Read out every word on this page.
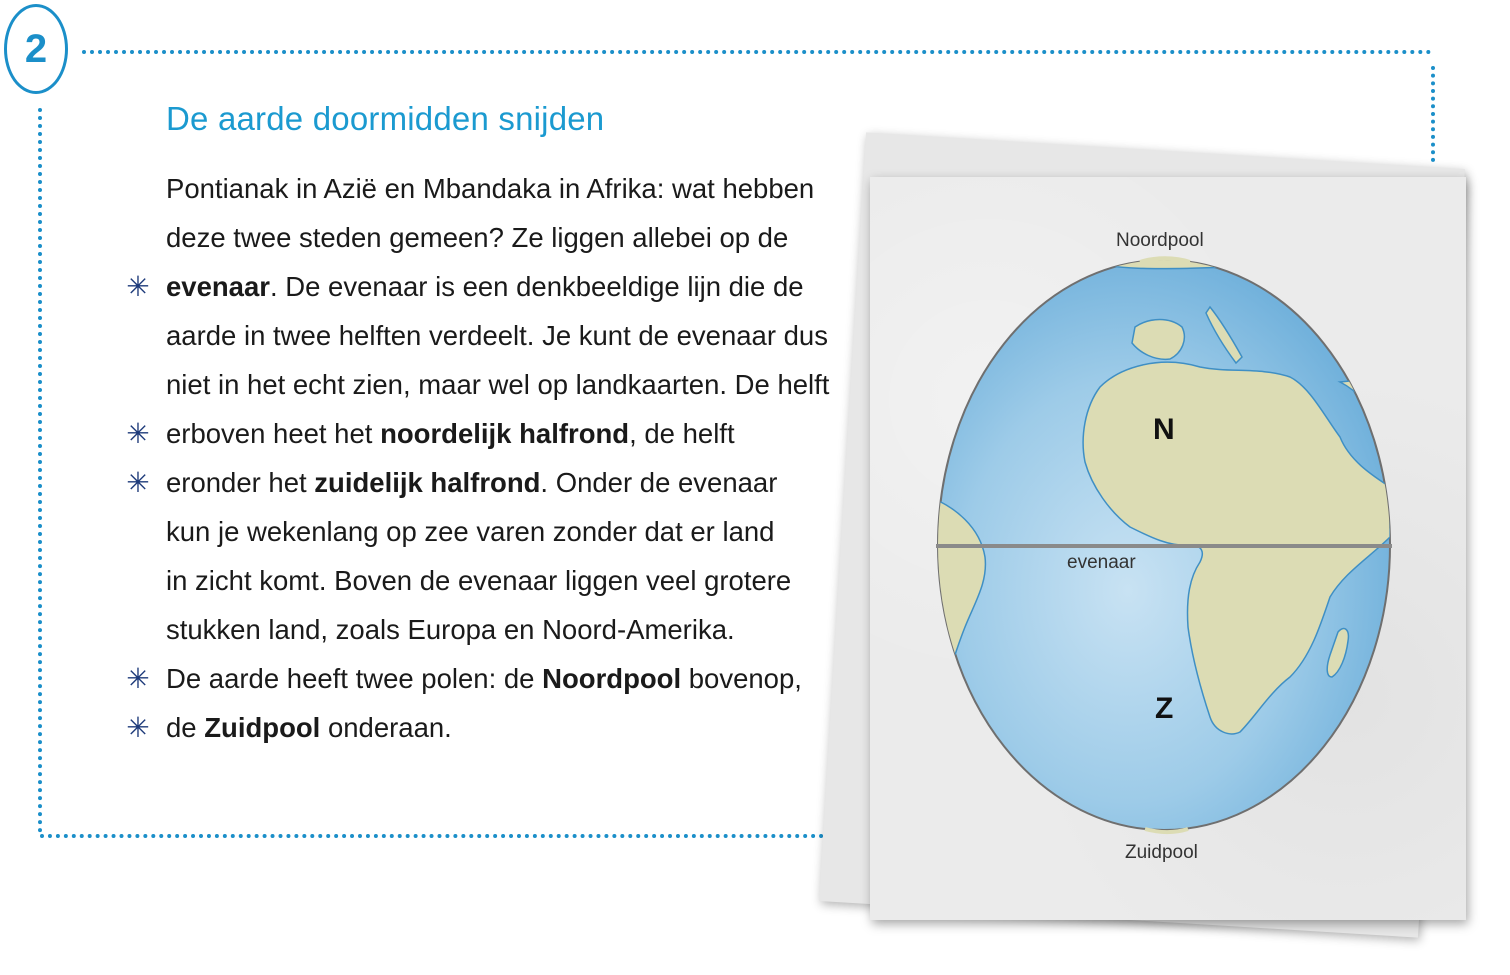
2
De aarde doormidden snijden
Pontianak in Azië en Mbandaka in Afrika: wat hebben
deze twee steden gemeen? Ze liggen allebei op de
✳ evenaar. De evenaar is een denkbeeldige lijn die de
aarde in twee helften verdeelt. Je kunt de evenaar dus
niet in het echt zien, maar wel op landkaarten. De helft
✳ erboven heet het noordelijk halfrond, de helft
✳ eronder het zuidelijk halfrond. Onder de evenaar
kun je wekenlang op zee varen zonder dat er land
in zicht komt. Boven de evenaar liggen veel grotere
stukken land, zoals Europa en Noord-Amerika.
✳ De aarde heeft twee polen: de Noordpool bovenop,
✳ de Zuidpool onderaan.
Noordpool
evenaar
Zuidpool
N
Z
